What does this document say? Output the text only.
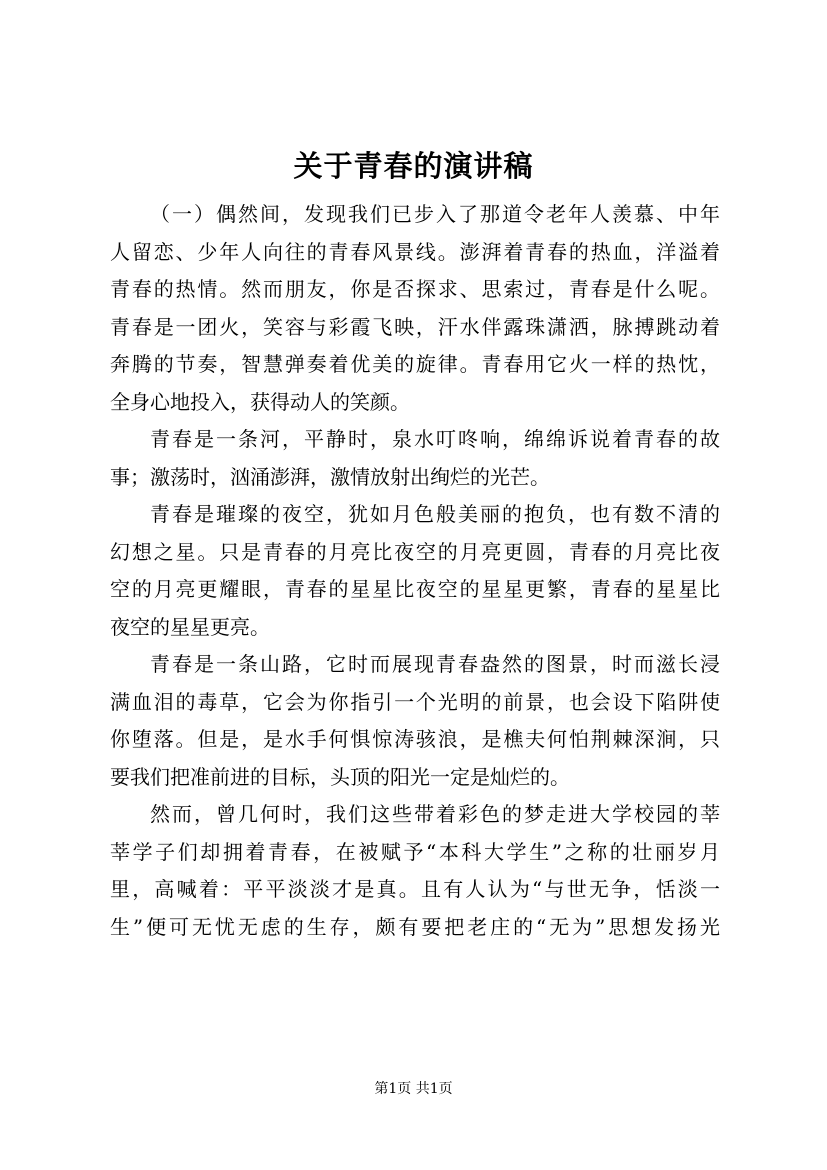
关于青春的演讲稿

（一）偶然间，发现我们已步入了那道令老年人羡慕、中年
人留恋、少年人向往的青春风景线。澎湃着青春的热血，洋溢着
青春的热情。然而朋友，你是否探求、思索过，青春是什么呢。
青春是一团火，笑容与彩霞飞映，汗水伴露珠潇洒，脉搏跳动着
奔腾的节奏，智慧弹奏着优美的旋律。青春用它火一样的热忱，
全身心地投入，获得动人的笑颜。

青春是一条河，平静时，泉水叮咚响，绵绵诉说着青春的故
事；激荡时，汹涌澎湃，激情放射出绚烂的光芒。

青春是璀璨的夜空，犹如月色般美丽的抱负，也有数不清的
幻想之星。只是青春的月亮比夜空的月亮更圆，青春的月亮比夜
空的月亮更耀眼，青春的星星比夜空的星星更繁，青春的星星比
夜空的星星更亮。

青春是一条山路，它时而展现青春盎然的图景，时而滋长浸
满血泪的毒草，它会为你指引一个光明的前景，也会设下陷阱使
你堕落。但是，是水手何惧惊涛骇浪，是樵夫何怕荆棘深涧，只
要我们把准前进的目标，头顶的阳光一定是灿烂的。

然而，曾几何时，我们这些带着彩色的梦走进大学校园的莘
莘学子们却拥着青春，在被赋予“本科大学生”之称的壮丽岁月
里，高喊着：平平淡淡才是真。且有人认为“与世无争，恬淡一
生”便可无忧无虑的生存，颇有要把老庄的“无为”思想发扬光

第1页 共1页
